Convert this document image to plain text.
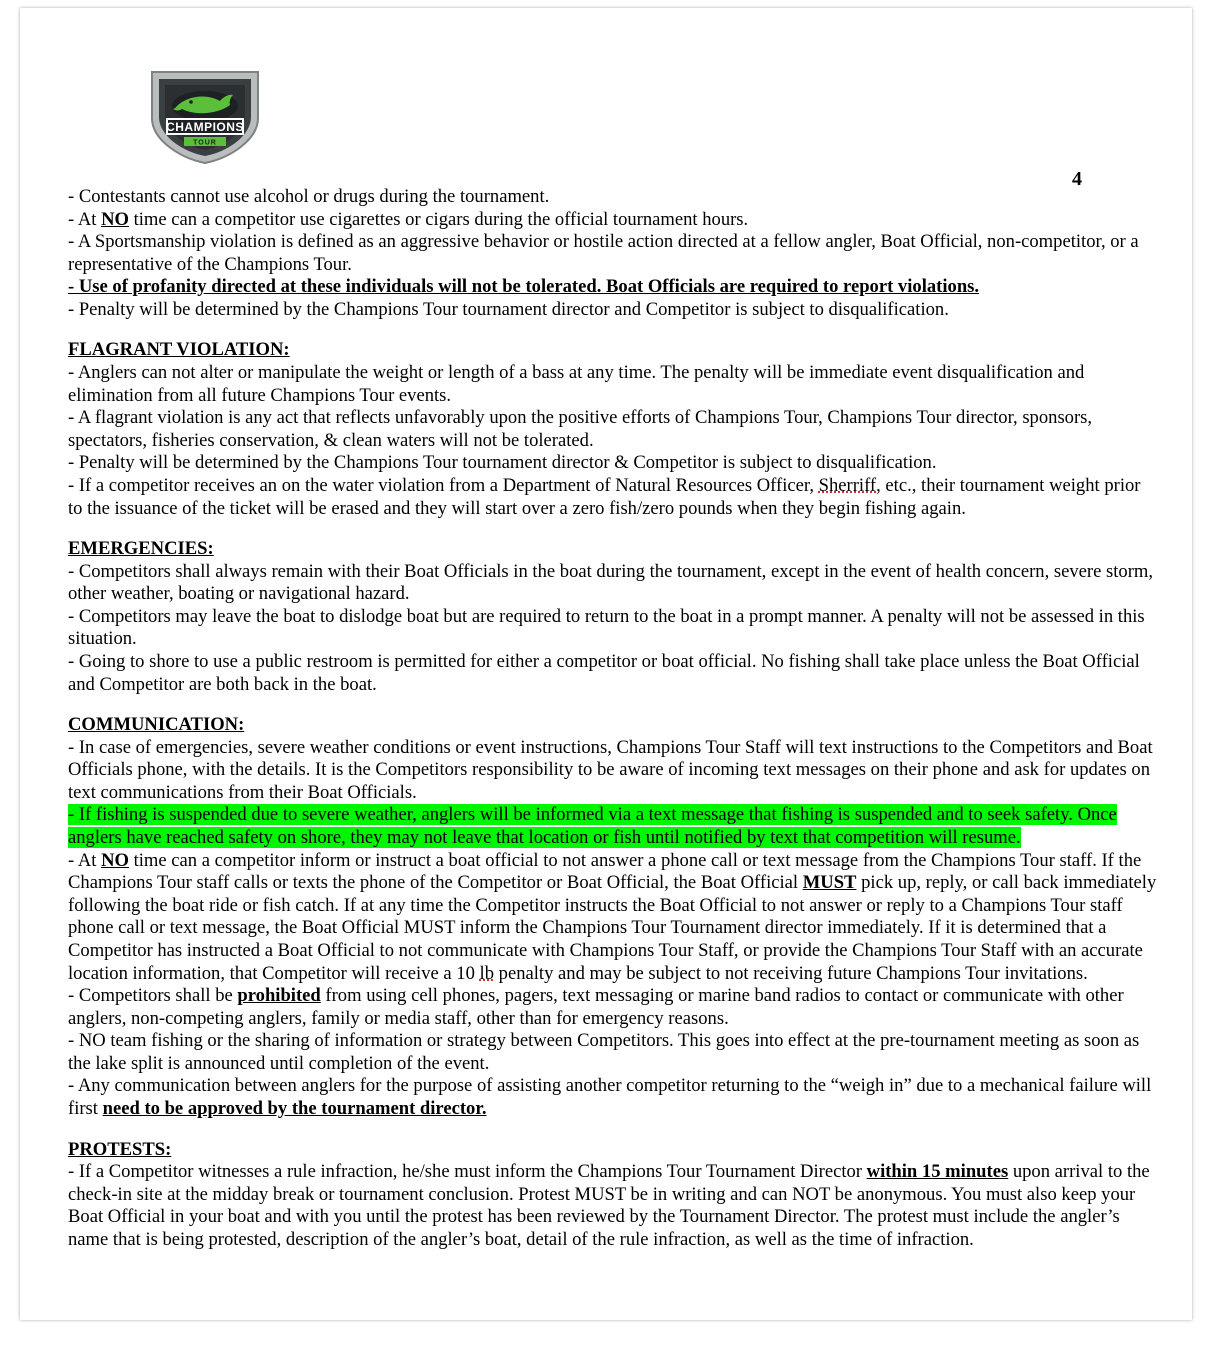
CHAMPIONS
TOUR
4

- Contestants cannot use alcohol or drugs during the tournament.

- At NO time can a competitor use cigarettes or cigars during the official tournament hours.

- A Sportsmanship violation is defined as an aggressive behavior or hostile action directed at a fellow angler, Boat Official, non-competitor, or a representative of the Champions Tour.

- Use of profanity directed at these individuals will not be tolerated. Boat Officials are required to report violations.

- Penalty will be determined by the Champions Tour tournament director and Competitor is subject to disqualification.

FLAGRANT VIOLATION:

- Anglers can not alter or manipulate the weight or length of a bass at any time. The penalty will be immediate event disqualification and elimination from all future Champions Tour events.

- A flagrant violation is any act that reflects unfavorably upon the positive efforts of Champions Tour, Champions Tour director, sponsors, spectators, fisheries conservation, & clean waters will not be tolerated.

- Penalty will be determined by the Champions Tour tournament director & Competitor is subject to disqualification.

- If a competitor receives an on the water violation from a Department of Natural Resources Officer, Sherriff, etc., their tournament weight prior to the issuance of the ticket will be erased and they will start over a zero fish/zero pounds when they begin fishing again.

EMERGENCIES:

- Competitors shall always remain with their Boat Officials in the boat during the tournament, except in the event of health concern, severe storm, other weather, boating or navigational hazard.

- Competitors may leave the boat to dislodge boat but are required to return to the boat in a prompt manner. A penalty will not be assessed in this situation.

- Going to shore to use a public restroom is permitted for either a competitor or boat official. No fishing shall take place unless the Boat Official and Competitor are both back in the boat.

COMMUNICATION:

- In case of emergencies, severe weather conditions or event instructions, Champions Tour Staff will text instructions to the Competitors and Boat Officials phone, with the details. It is the Competitors responsibility to be aware of incoming text messages on their phone and ask for updates on text communications from their Boat Officials.

- If fishing is suspended due to severe weather, anglers will be informed via a text message that fishing is suspended and to seek safety. Once anglers have reached safety on shore, they may not leave that location or fish until notified by text that competition will resume.

- At NO time can a competitor inform or instruct a boat official to not answer a phone call or text message from the Champions Tour staff. If the Champions Tour staff calls or texts the phone of the Competitor or Boat Official, the Boat Official MUST pick up, reply, or call back immediately following the boat ride or fish catch. If at any time the Competitor instructs the Boat Official to not answer or reply to a Champions Tour staff phone call or text message, the Boat Official MUST inform the Champions Tour Tournament director immediately. If it is determined that a Competitor has instructed a Boat Official to not communicate with Champions Tour Staff, or provide the Champions Tour Staff with an accurate location information, that Competitor will receive a 10 lb penalty and may be subject to not receiving future Champions Tour invitations.

- Competitors shall be prohibited from using cell phones, pagers, text messaging or marine band radios to contact or communicate with other anglers, non-competing anglers, family or media staff, other than for emergency reasons.

- NO team fishing or the sharing of information or strategy between Competitors. This goes into effect at the pre-tournament meeting as soon as the lake split is announced until completion of the event.

- Any communication between anglers for the purpose of assisting another competitor returning to the “weigh in” due to a mechanical failure will first need to be approved by the tournament director.

PROTESTS:

- If a Competitor witnesses a rule infraction, he/she must inform the Champions Tour Tournament Director within 15 minutes upon arrival to the check-in site at the midday break or tournament conclusion. Protest MUST be in writing and can NOT be anonymous. You must also keep your Boat Official in your boat and with you until the protest has been reviewed by the Tournament Director. The protest must include the angler’s name that is being protested, description of the angler’s boat, detail of the rule infraction, as well as the time of infraction.
